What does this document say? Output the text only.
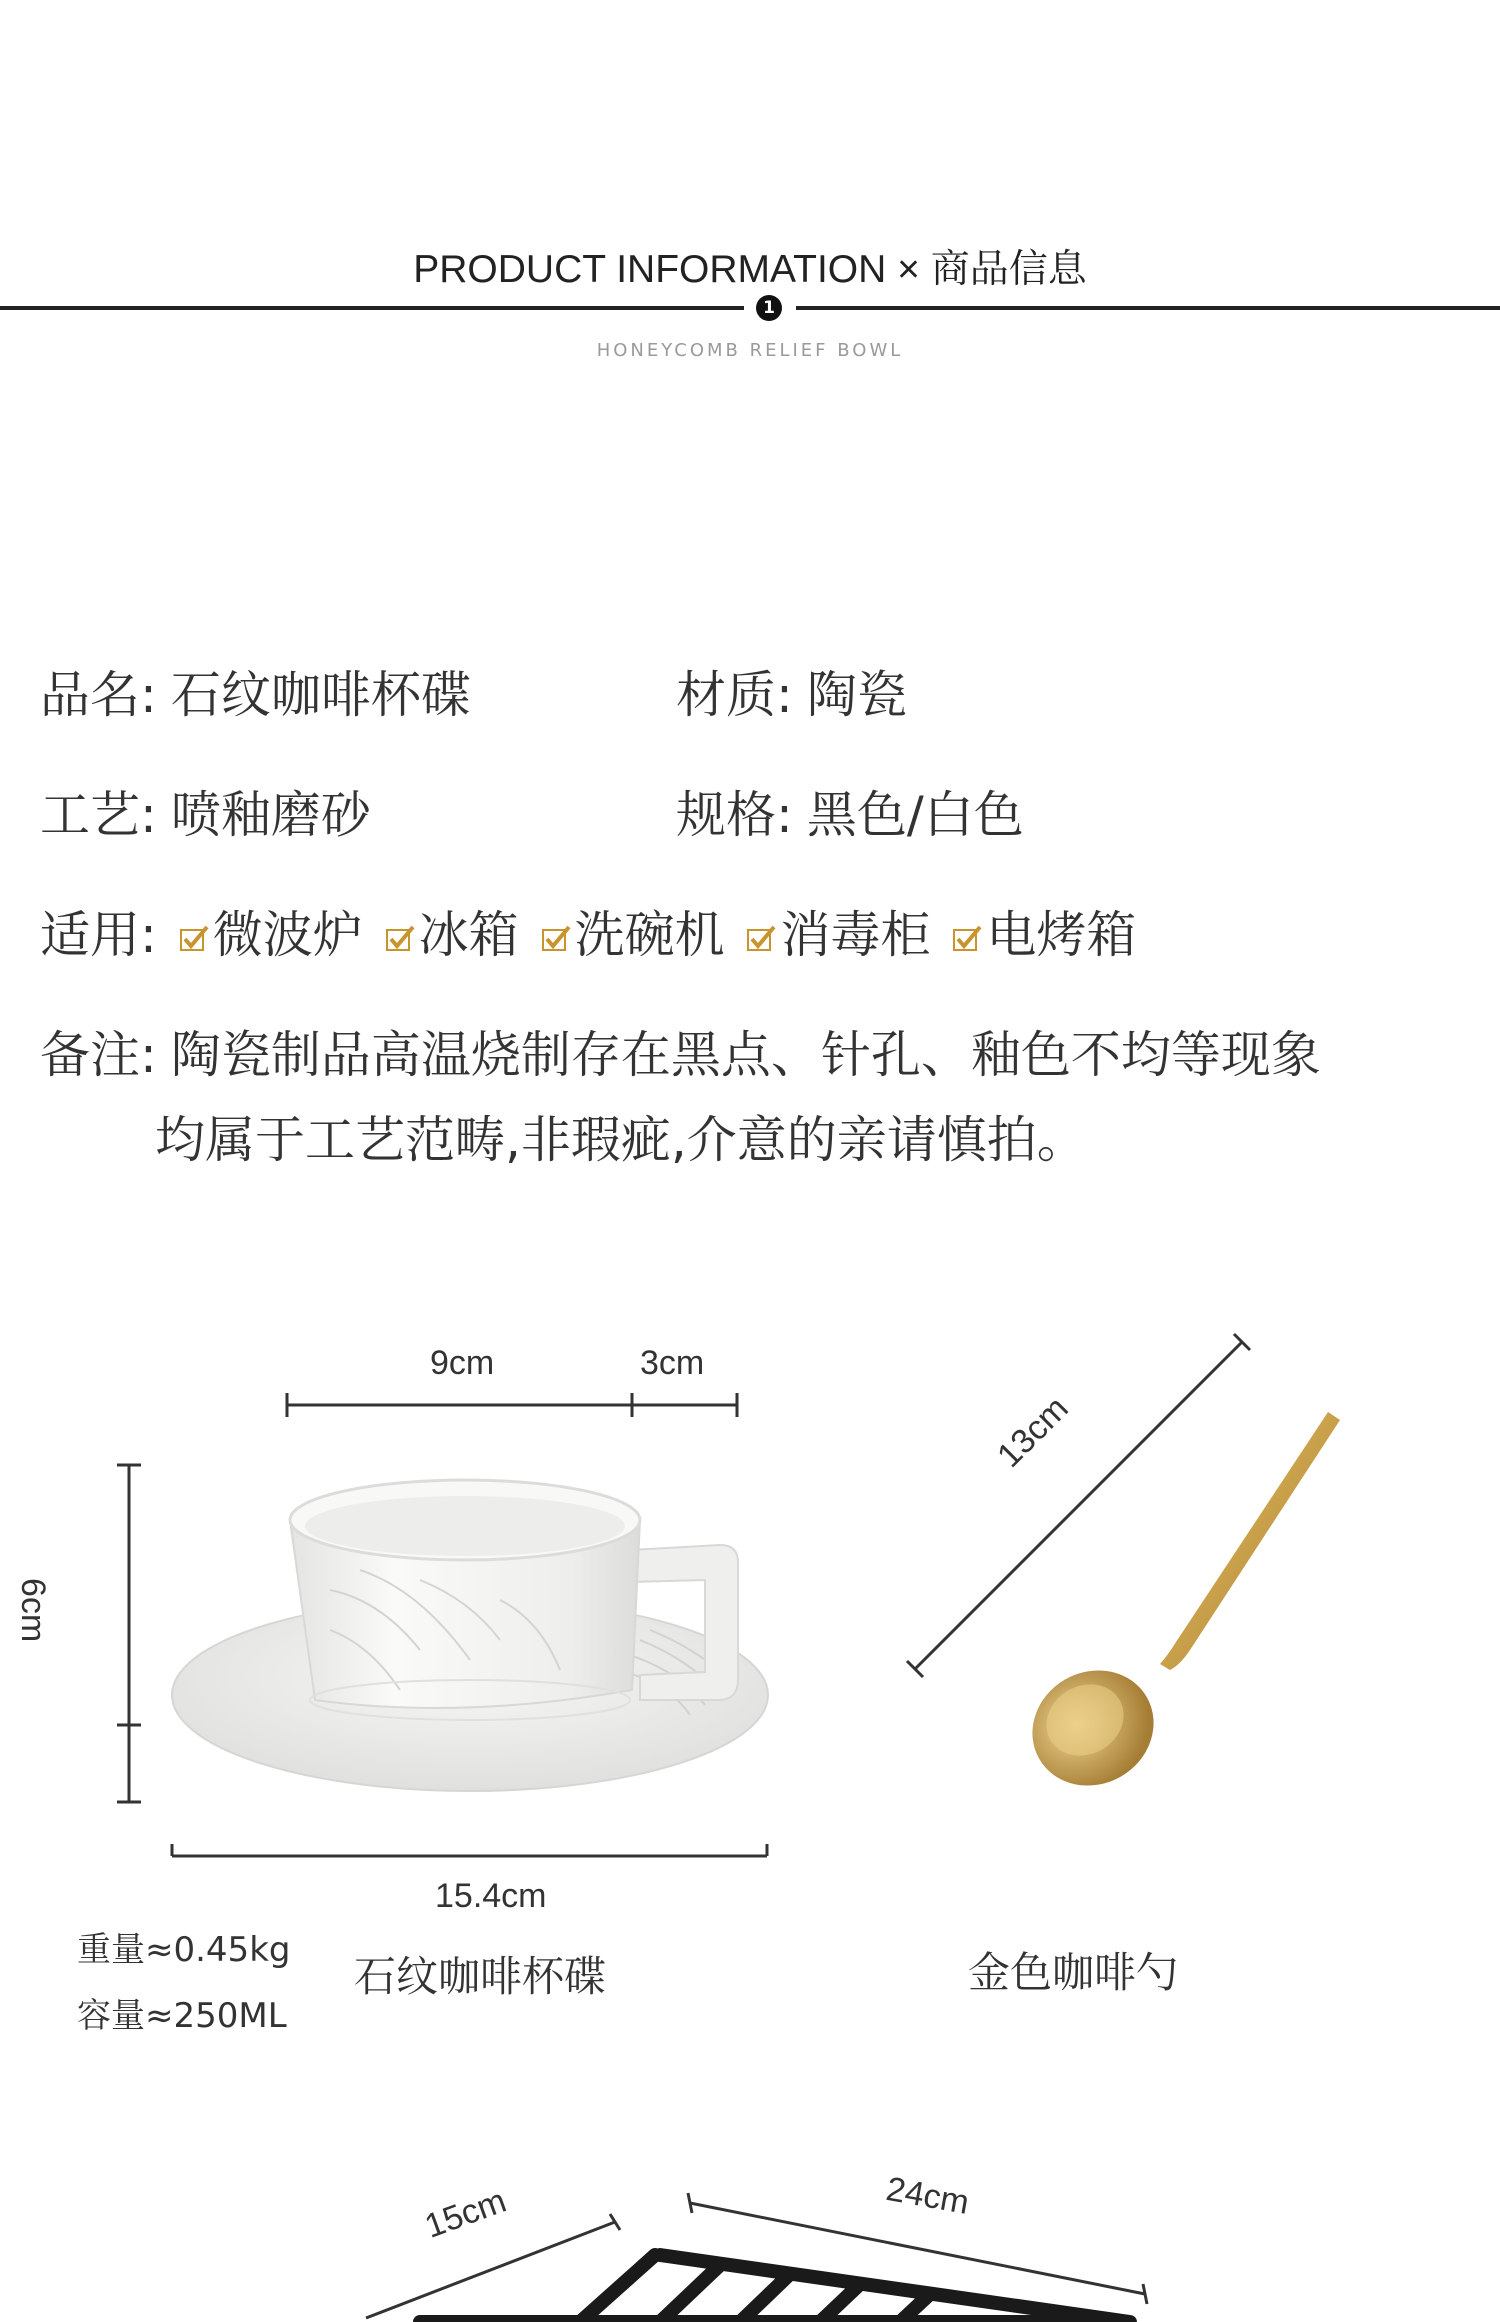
PRODUCT INFORMATION × 商品信息
1
HONEYCOMB RELIEF BOWL
品名: 石纹咖啡杯碟	材质: 陶瓷
工艺: 喷釉磨砂	规格: 黑色/白色
适用: 微波炉 冰箱 洗碗机 消毒柜 电烤箱
备注: 陶瓷制品高温烧制存在黑点、针孔、釉色不均等现象
均属于工艺范畴,非瑕疵,介意的亲请慎拍。
9cm	3cm
6cm
15.4cm
重量≈0.45kg
容量≈250ML
石纹咖啡杯碟
13cm
金色咖啡勺
15cm	24cm
